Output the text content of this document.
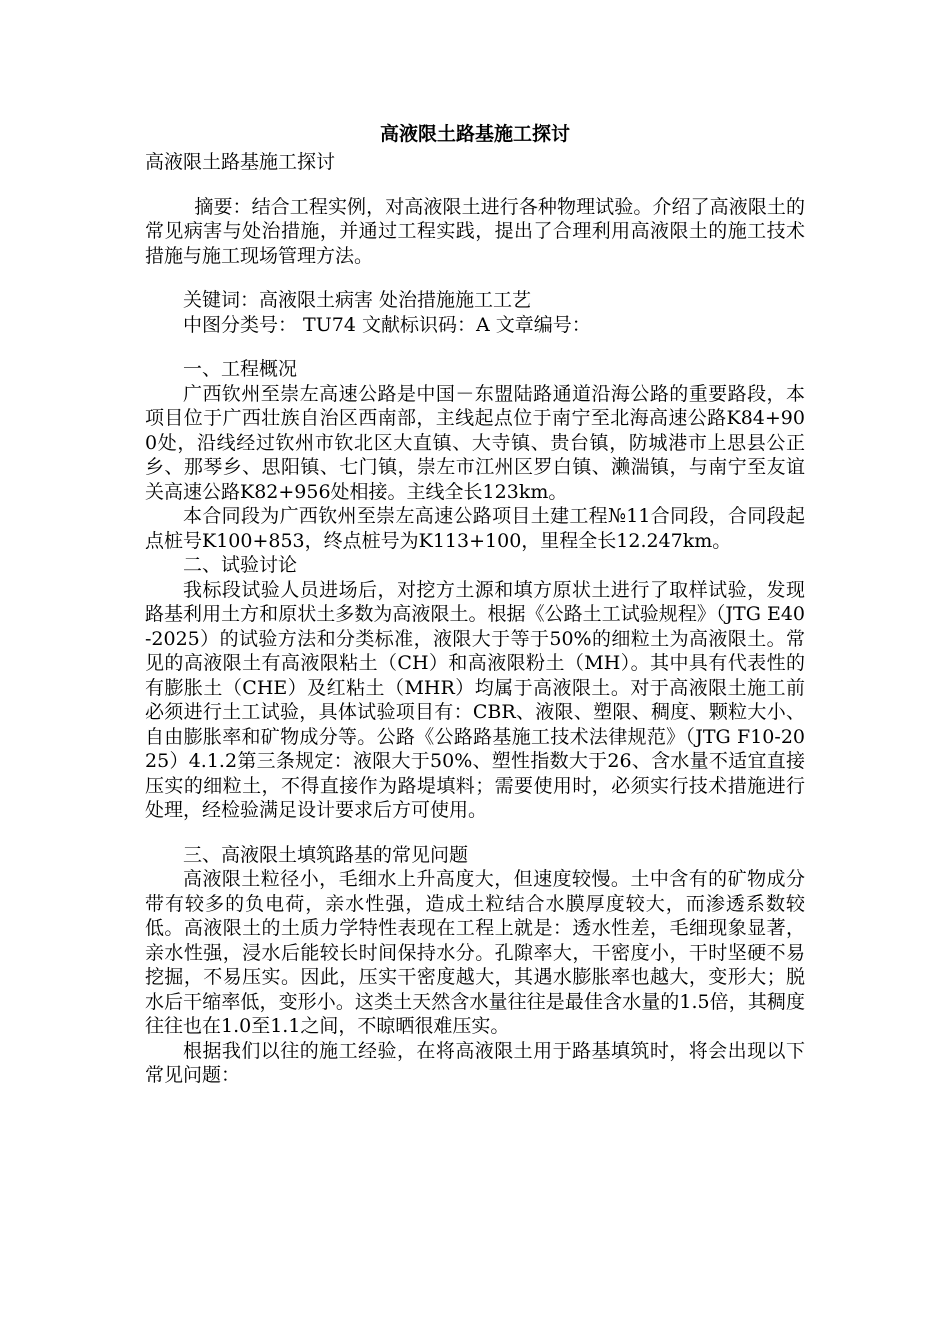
高液限土路基施工探讨

高液限土路基施工探讨

摘要：结合工程实例，对高液限土进行各种物理试验。介绍了高液限土的常见病害与处治措施，并通过工程实践，提出了合理利用高液限土的施工技术措施与施工现场管理方法。

关键词：高液限土病害 处治措施施工工艺

中图分类号： TU74 文献标识码：A 文章编号：

一、工程概况

广西钦州至崇左高速公路是中国－东盟陆路通道沿海公路的重要路段，本项目位于广西壮族自治区西南部，主线起点位于南宁至北海高速公路K84+900处，沿线经过钦州市钦北区大直镇、大寺镇、贵台镇，防城港市上思县公正乡、那琴乡、思阳镇、七门镇，崇左市江州区罗白镇、濑湍镇，与南宁至友谊关高速公路K82+956处相接。主线全长123km。

本合同段为广西钦州至崇左高速公路项目土建工程№11合同段，合同段起点桩号K100+853，终点桩号为K113+100，里程全长12.247km。

二、试验讨论

我标段试验人员进场后，对挖方土源和填方原状土进行了取样试验，发现路基利用土方和原状土多数为高液限土。根据《公路土工试验规程》（JTG E40-2025）的试验方法和分类标准，液限大于等于50%的细粒土为高液限土。常见的高液限土有高液限粘土（CH）和高液限粉土（MH）。其中具有代表性的有膨胀土（CHE）及红粘土（MHR）均属于高液限土。对于高液限土施工前必须进行土工试验，具体试验项目有：CBR、液限、塑限、稠度、颗粒大小、自由膨胀率和矿物成分等。公路《公路路基施工技术法律规范》（JTG F10-2025）4.1.2第三条规定：液限大于50%、塑性指数大于26、含水量不适宜直接压实的细粒土，不得直接作为路堤填料；需要使用时，必须实行技术措施进行处理，经检验满足设计要求后方可使用。

三、高液限土填筑路基的常见问题

高液限土粒径小，毛细水上升高度大，但速度较慢。土中含有的矿物成分带有较多的负电荷，亲水性强，造成土粒结合水膜厚度较大，而渗透系数较低。高液限土的土质力学特性表现在工程上就是：透水性差，毛细现象显著，亲水性强，浸水后能较长时间保持水分。孔隙率大，干密度小，干时坚硬不易挖掘，不易压实。因此，压实干密度越大，其遇水膨胀率也越大，变形大；脱水后干缩率低，变形小。这类土天然含水量往往是最佳含水量的1.5倍，其稠度往往也在1.0至1.1之间，不晾晒很难压实。

根据我们以往的施工经验，在将高液限土用于路基填筑时，将会出现以下常见问题：
